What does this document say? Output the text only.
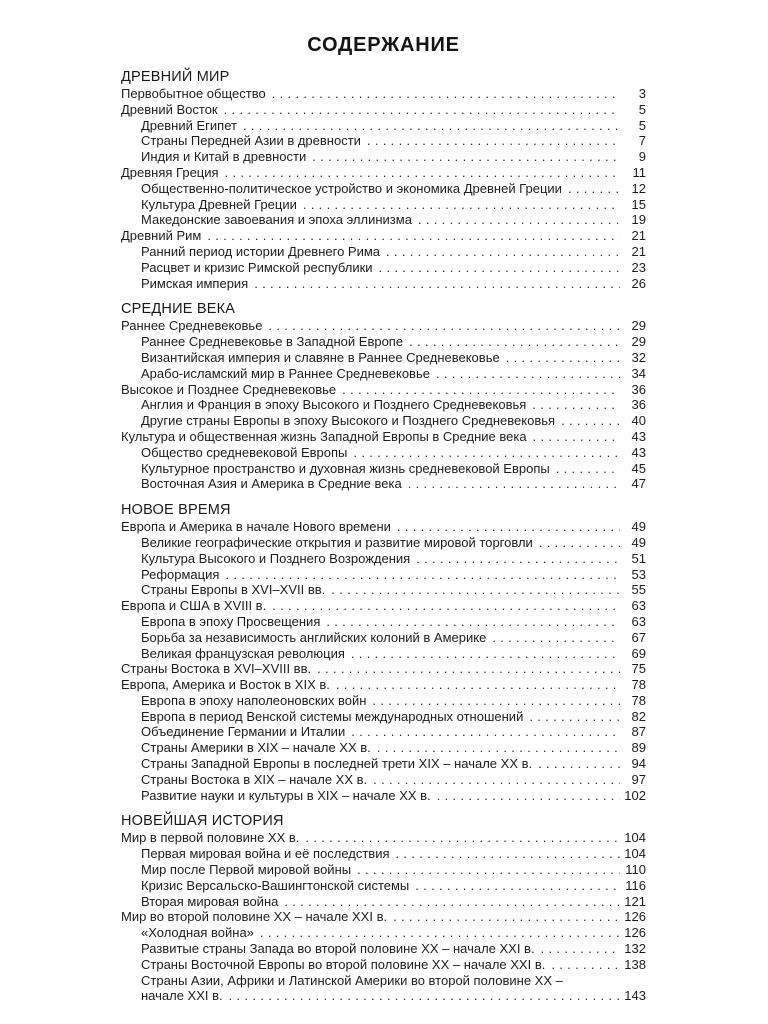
СОДЕРЖАНИЕ
ДРЕВНИЙ МИР
Первобытное общество .....	3
Древний Восток .....	5
Древний Египет .....	5
Страны Передней Азии в древности .....	7
Индия и Китай в древности .....	9
Древняя Греция .....	11
Общественно-политическое устройство и экономика Древней Греции .....	12
Культура Древней Греции .....	15
Македонские завоевания и эпоха эллинизма .....	19
Древний Рим .....	21
Ранний период истории Древнего Рима .....	21
Расцвет и кризис Римской республики .....	23
Римская империя .....	26
СРЕДНИЕ ВЕКА
Раннее Средневековье .....	29
Раннее Средневековье в Западной Европе .....	29
Византийская империя и славяне в Раннее Средневековье .....	32
Арабо-исламский мир в Раннее Средневековье .....	34
Высокое и Позднее Средневековье .....	36
Англия и Франция в эпоху Высокого и Позднего Средневековья .....	36
Другие страны Европы в эпоху Высокого и Позднего Средневековья .....	40
Культура и общественная жизнь Западной Европы в Средние века .....	43
Общество средневековой Европы .....	43
Культурное пространство и духовная жизнь средневековой Европы .....	45
Восточная Азия и Америка в Средние века .....	47
НОВОЕ ВРЕМЯ
Европа и Америка в начале Нового времени .....	49
Великие географические открытия и развитие мировой торговли .....	49
Культура Высокого и Позднего Возрождения .....	51
Реформация .....	53
Страны Европы в XVI–XVII вв. .....	55
Европа и США в XVIII в. .....	63
Европа в эпоху Просвещения .....	63
Борьба за независимость английских колоний в Америке .....	67
Великая французская революция .....	69
Страны Востока в XVI–XVIII вв. .....	75
Европа, Америка и Восток в XIX в. .....	78
Европа в эпоху наполеоновских войн .....	78
Европа в период Венской системы международных отношений .....	82
Объединение Германии и Италии .....	87
Страны Америки в XIX – начале XX в. .....	89
Страны Западной Европы в последней трети XIX – начале XX в. .....	94
Страны Востока в XIX – начале XX в. .....	97
Развитие науки и культуры в XIX – начале XX в. .....	102
НОВЕЙШАЯ ИСТОРИЯ
Мир в первой половине XX в. .....	104
Первая мировая война и её последствия .....	104
Мир после Первой мировой войны .....	110
Кризис Версальско-Вашингтонской системы .....	116
Вторая мировая война .....	121
Мир во второй половине XX – начале XXI в. .....	126
«Холодная война» .....	126
Развитые страны Запада во второй половине XX – начале XXI в. .....	132
Страны Восточной Европы во второй половине XX – начале XXI в. .....	138
Страны Азии, Африки и Латинской Америки во второй половине XX –
начале XXI в. .....	143
